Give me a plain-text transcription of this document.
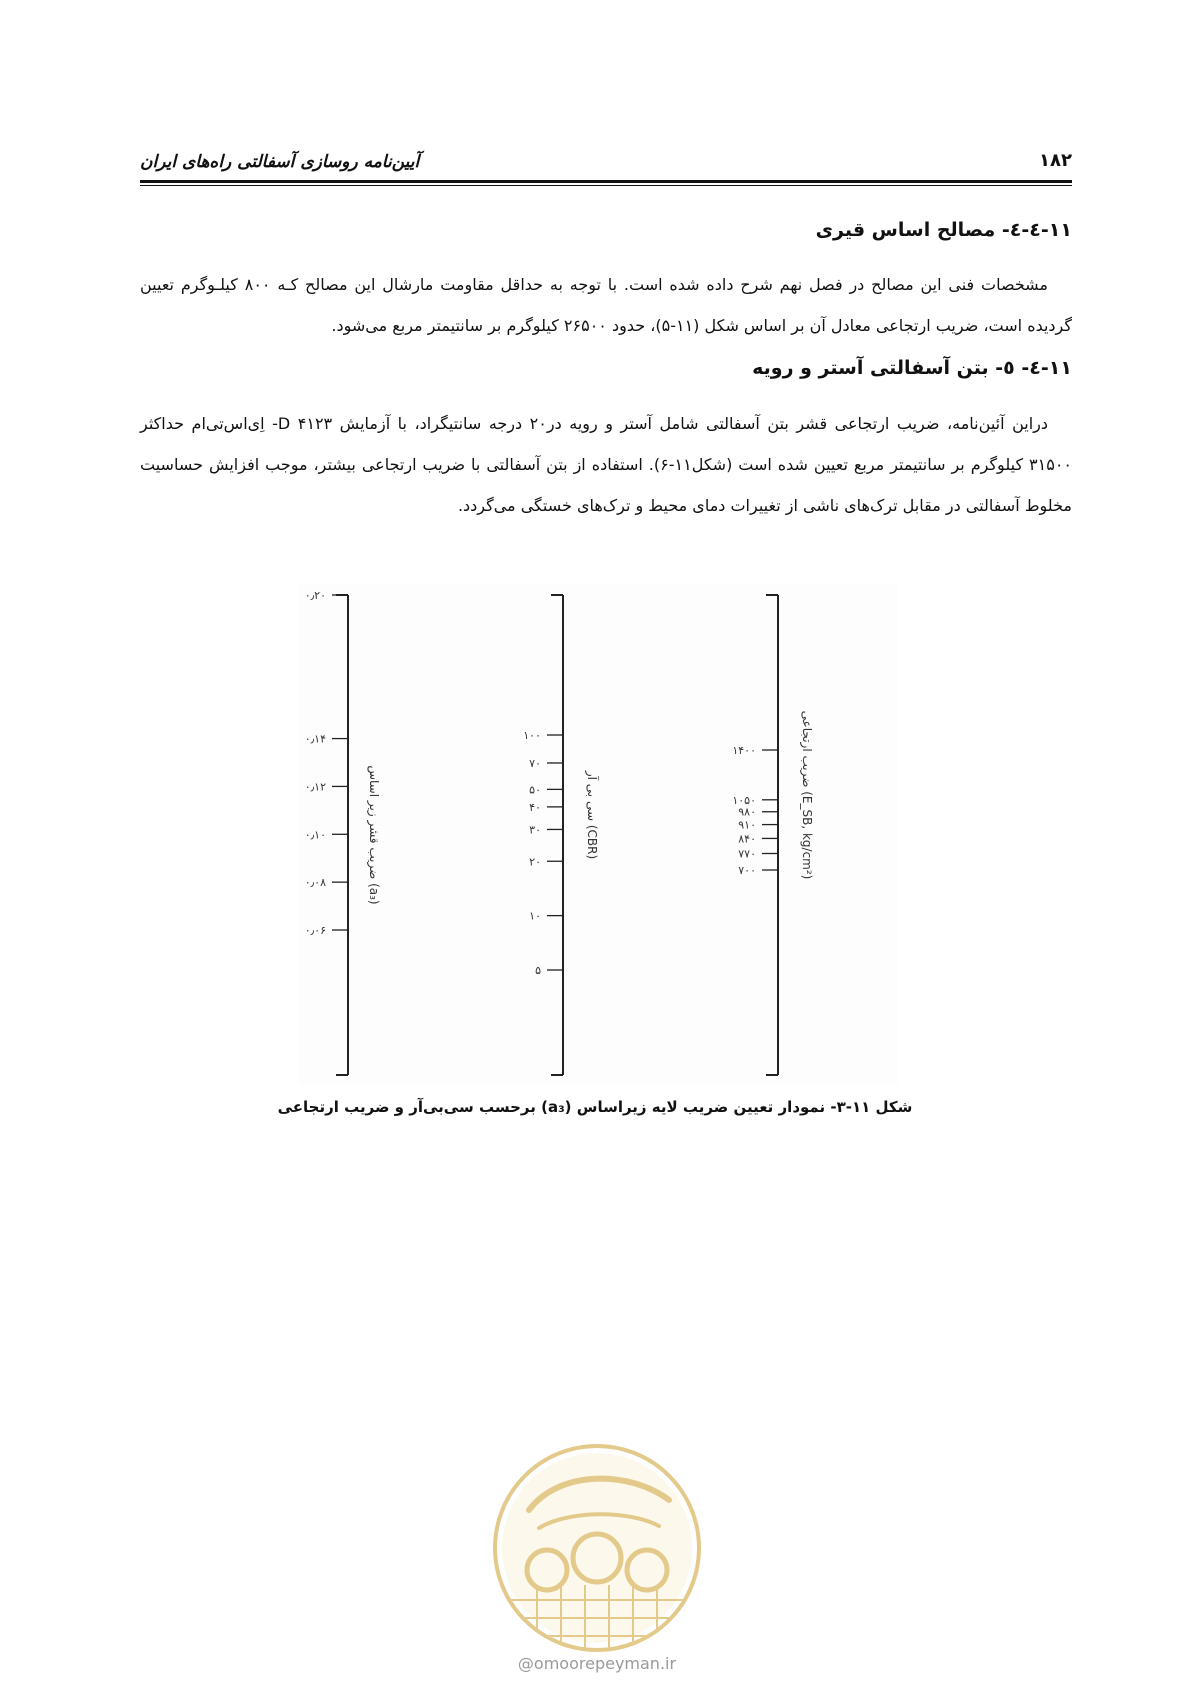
آیین‌نامه روسازی آسفالتی راه‌های ایران	۱۸۲
۱۱-٤-٤- مصالح اساس قیری

مشخصات فنی این مصالح در فصل نهم شرح داده شده است. با توجه به حداقل مقاومت مارشال این مصالح کـه ۸۰۰ کیلـوگرم تعیین گردیده است، ضریب ارتجاعی معادل آن بر اساس شکل (۱۱-۵)، حدود ۲۶۵۰۰ کیلوگرم بر سانتیمتر مربع می‌شود.

۱۱-٤- ٥- بتن آسفالتی آستر و رویه

دراین آئین‌نامه، ضریب ارتجاعی قشر بتن آسفالتی شامل آستر و رویه در۲۰ درجه سانتیگراد، با آزمایش D ‎۴۱۲۳- اِی‌اس‌تی‌ام حداکثر ۳۱۵۰۰ کیلوگرم بر سانتیمتر مربع تعیین شده است (شکل۱۱-۶). استفاده از بتن آسفالتی با ضریب ارتجاعی بیشتر، موجب افزایش حساسیت مخلوط آسفالتی در مقابل ترک‌های ناشی از تغییرات دمای محیط و ترک‌های خستگی می‌گردد.

۰٫۲۰
۰٫۱۴
۰٫۱۲
۰٫۱۰
۰٫۰۸
۰٫۰۶
ضریب قشر زیر اساس (a₃)
۱۰۰
۷۰
۵۰
۴۰
۳۰
۲۰
۱۰
۵
سی بی آر (CBR)
۱۴۰۰
۱۰۵۰
۹۸۰
۹۱۰
۸۴۰
۷۷۰
۷۰۰
ضریب ارتجاعی (E_SB, kg/cm²)
شکل ۱۱-۳- نمودار تعیین ضریب لایه زیراساس (a₃) برحسب سی‌بی‌آر و ضریب ارتجاعی
@omoorepeyman.ir
